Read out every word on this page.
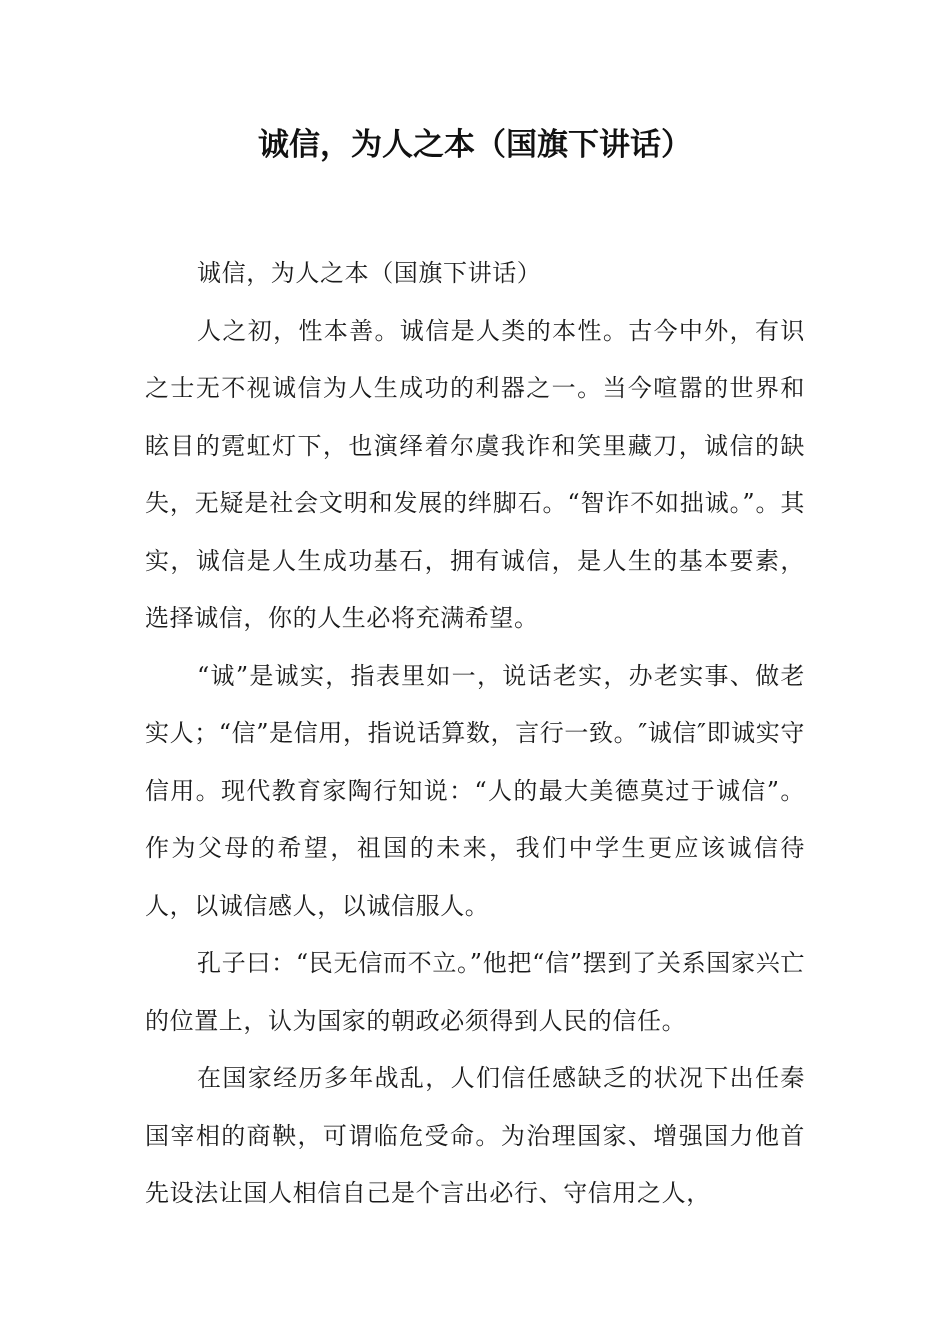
诚信，为人之本（国旗下讲话）

诚信，为人之本（国旗下讲话）

人之初，性本善。诚信是人类的本性。古今中外，有识之士无不视诚信为人生成功的利器之一。当今喧嚣的世界和眩目的霓虹灯下，也演绎着尔虞我诈和笑里藏刀，诚信的缺失，无疑是社会文明和发展的绊脚石。“智诈不如拙诚。”。其实，诚信是人生成功基石，拥有诚信，是人生的基本要素，选择诚信，你的人生必将充满希望。

“诚”是诚实，指表里如一，说话老实，办老实事、做老实人；“信”是信用，指说话算数，言行一致。″诚信″即诚实守信用。现代教育家陶行知说：“人的最大美德莫过于诚信”。作为父母的希望，祖国的未来，我们中学生更应该诚信待人，以诚信感人，以诚信服人。

孔子曰：“民无信而不立。”他把“信”摆到了关系国家兴亡的位置上，认为国家的朝政必须得到人民的信任。

在国家经历多年战乱，人们信任感缺乏的状况下出任秦国宰相的商鞅，可谓临危受命。为治理国家、增强国力他首先设法让国人相信自己是个言出必行、守信用之人，
